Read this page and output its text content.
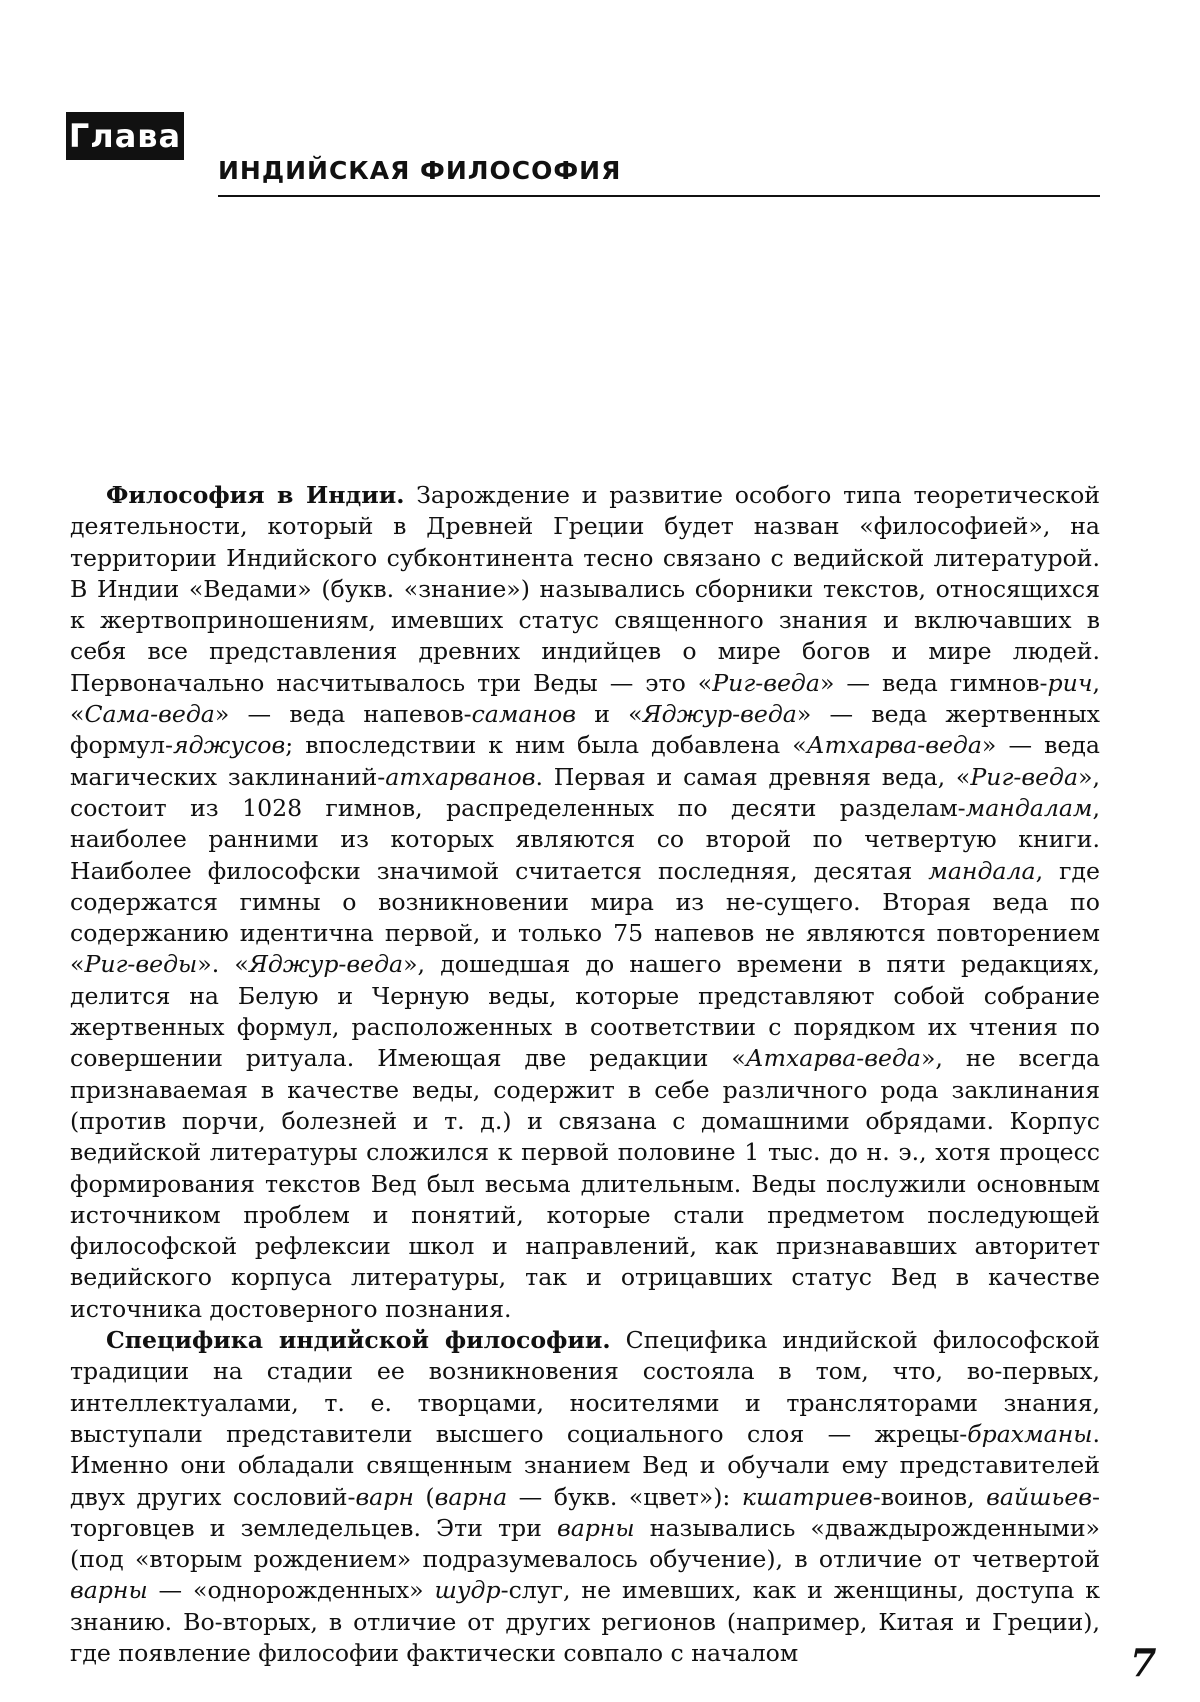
Глава 1	ИНДИЙСКАЯ ФИЛОСОФИЯ

Философия в Индии. Зарождение и развитие особого типа теоретической деятельности, который в Древней Греции будет назван «философией», на территории Индийского субконтинента тесно связано с ведийской литературой. В Индии «Ведами» (букв. «знание») назывались сборники текстов, относящихся к жертвоприношениям, имевших статус священного знания и включавших в себя все представления древних индийцев о мире богов и мире людей. Первоначально насчитывалось три Веды — это «Риг-веда» — веда гимнов-рич, «Сама-веда» — веда напевов-саманов и «Яджур-веда» — веда жертвенных формул-яджусов; впоследствии к ним была добавлена «Атхарва-веда» — веда магических заклинаний-атхарванов. Первая и самая древняя веда, «Риг-веда», состоит из 1028 гимнов, распределенных по десяти разделам-мандалам, наиболее ранними из которых являются со второй по четвертую книги. Наиболее философски значимой считается последняя, десятая мандала, где содержатся гимны о возникновении мира из не-сущего. Вторая веда по содержанию идентична первой, и только 75 напевов не являются повторением «Риг-веды». «Яджур-веда», дошедшая до нашего времени в пяти редакциях, делится на Белую и Черную веды, которые представляют собой собрание жертвенных формул, расположенных в соответствии с порядком их чтения по совершении ритуала. Имеющая две редакции «Атхарва-веда», не всегда признаваемая в качестве веды, содержит в себе различного рода заклинания (против порчи, болезней и т. д.) и связана с домашними обрядами. Корпус ведийской литературы сложился к первой половине 1 тыс. до н. э., хотя процесс формирования текстов Вед был весьма длительным. Веды послужили основным источником проблем и понятий, которые стали предметом последующей философской рефлексии школ и направлений, как признававших авторитет ведийского корпуса литературы, так и отрицавших статус Вед в качестве источника достоверного познания.

Специфика индийской философии. Специфика индийской философской традиции на стадии ее возникновения состояла в том, что, во-первых, интеллектуалами, т. е. творцами, носителями и трансляторами знания, выступали представители высшего социального слоя — жрецы-брахманы. Именно они обладали священным знанием Вед и обучали ему представителей двух других сословий-варн (варна — букв. «цвет»): кшатриев-воинов, вайшьев-торговцев и земледельцев. Эти три варны назывались «дваждырожденными» (под «вторым рождением» подразумевалось обучение), в отличие от четвертой варны — «однорожденных» шудр-слуг, не имевших, как и женщины, доступа к знанию. Во-вторых, в отличие от других регионов (например, Китая и Греции), где появление философии фактически совпало с началом	7
